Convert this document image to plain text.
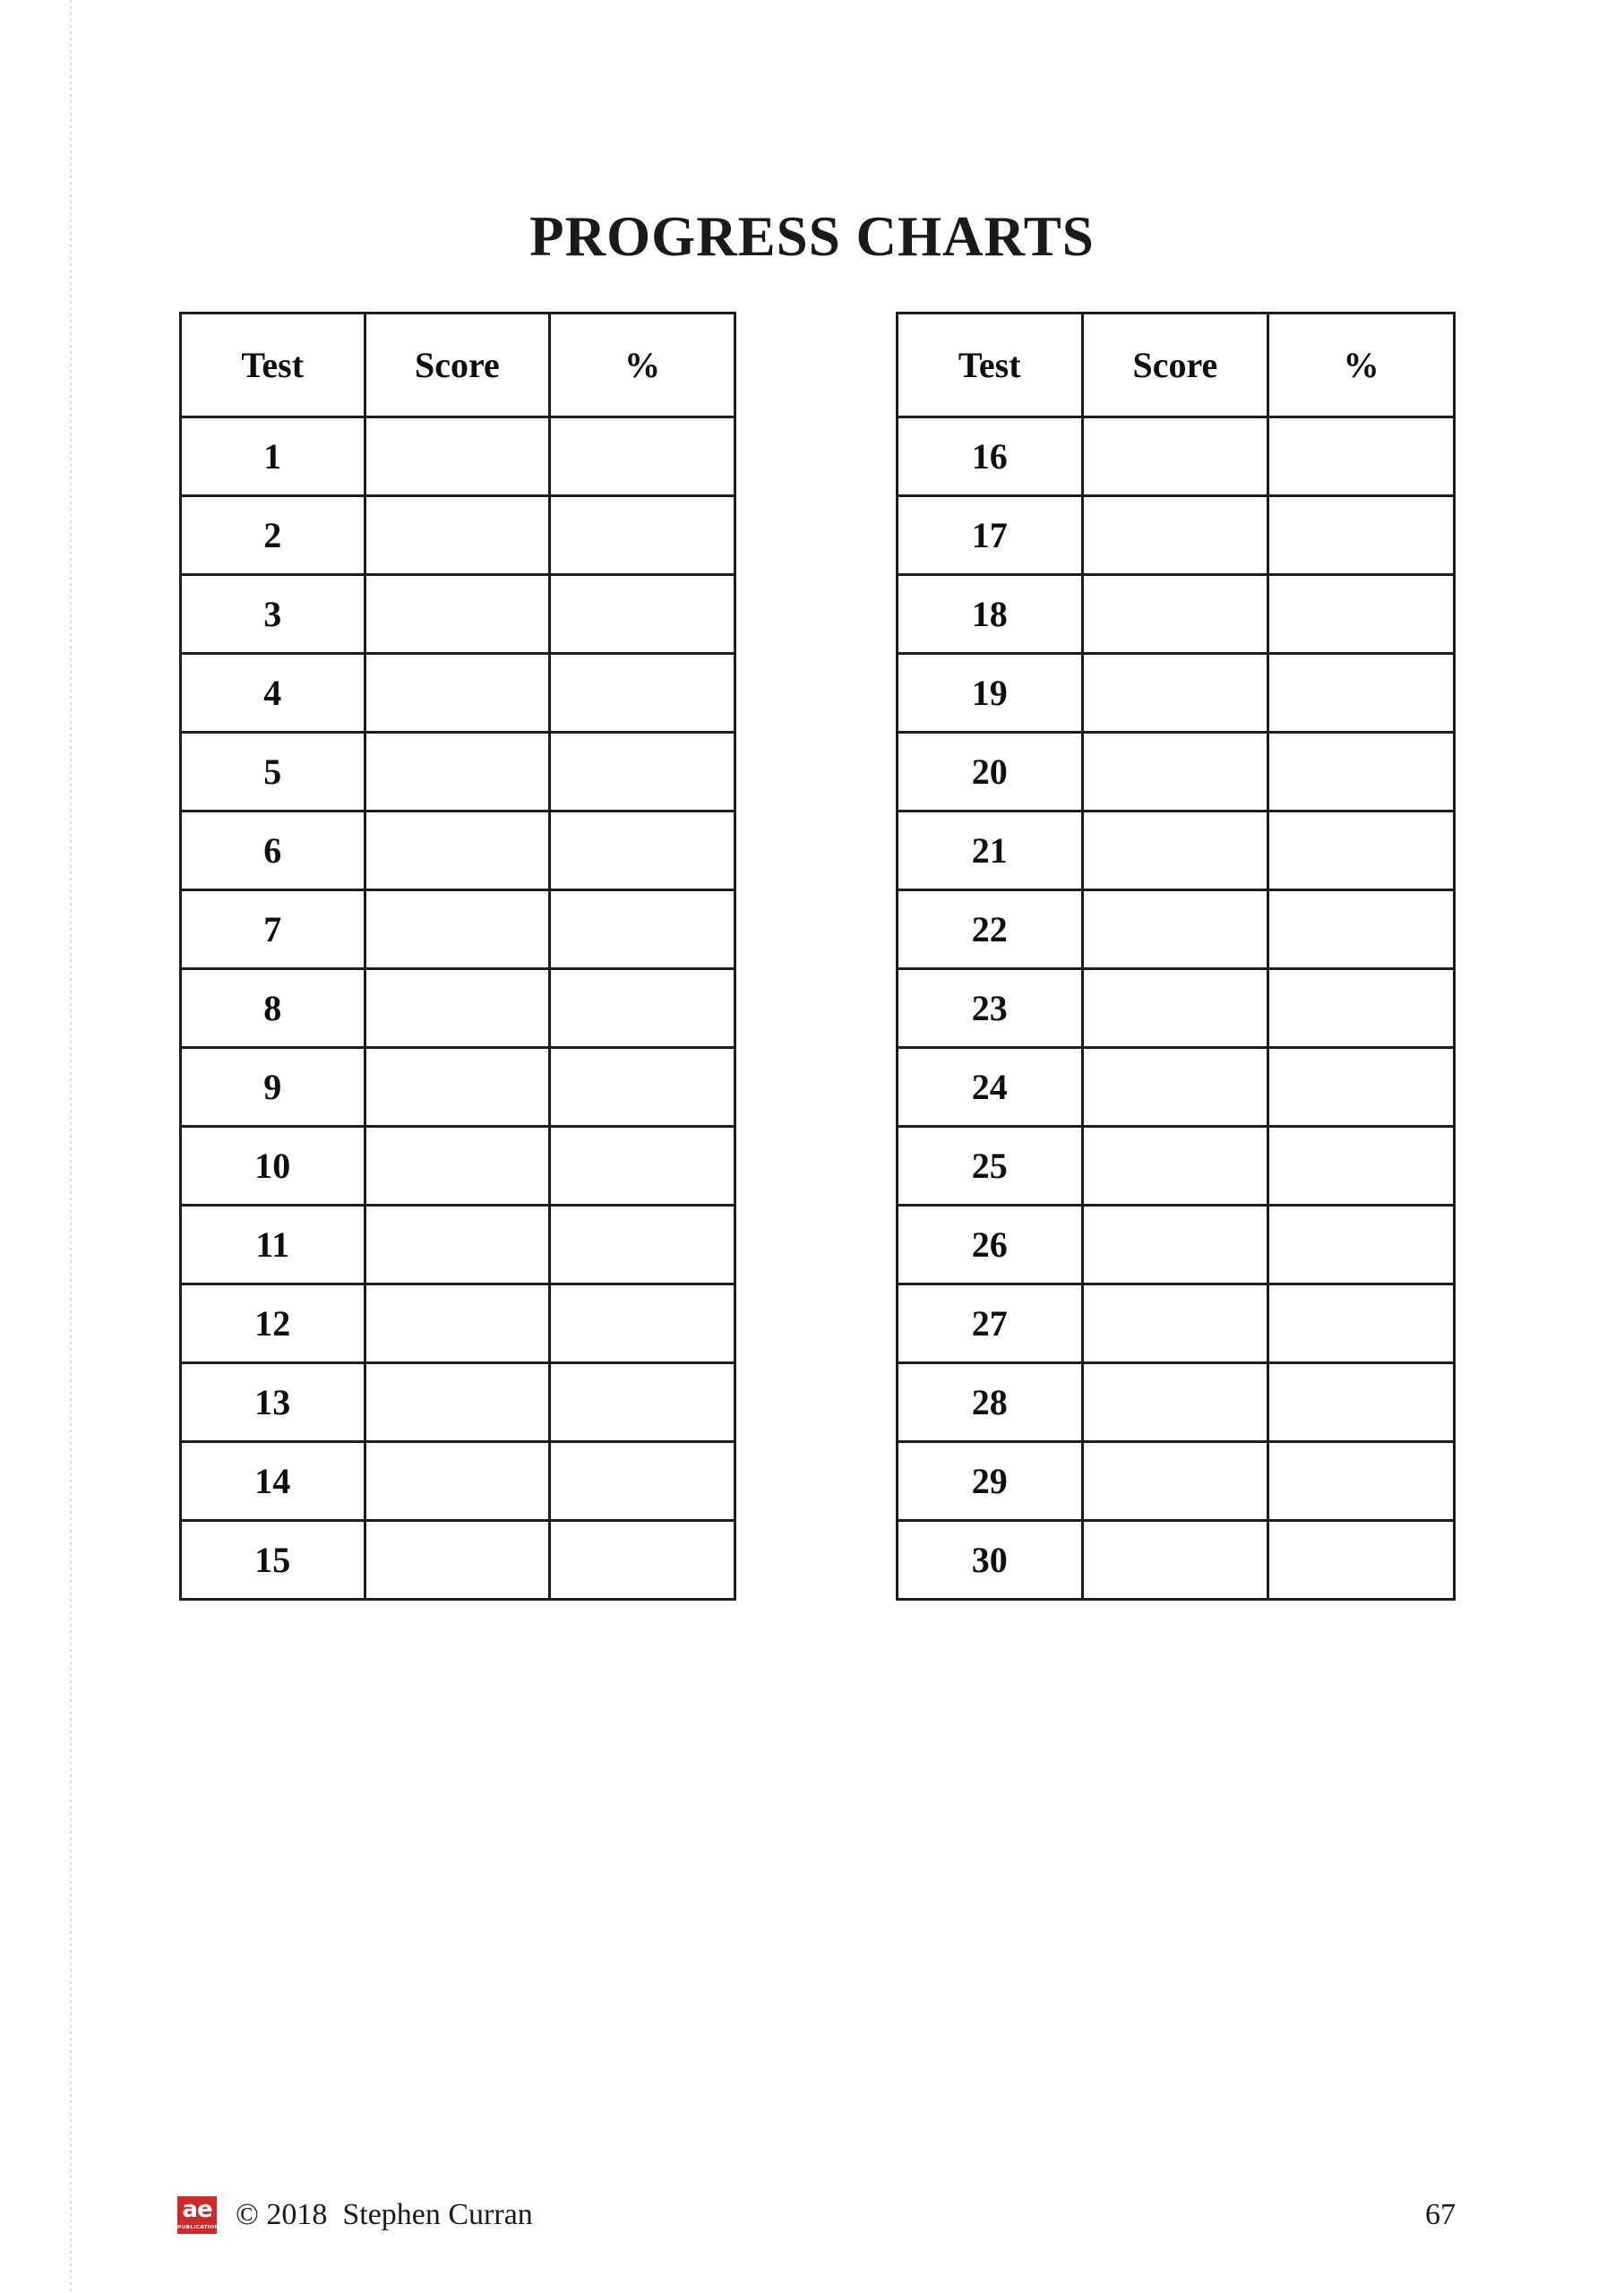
PROGRESS CHARTS
Test	Score	%
1		
2		
3		
4		
5		
6		
7		
8		
9		
10		
11		
12		
13		
14		
15		
Test	Score	%
16		
17		
18		
19		
20		
21		
22		
23		
24		
25		
26		
27		
28		
29		
30		
ae
PUBLICATIONS © 2018  Stephen Curran	67
